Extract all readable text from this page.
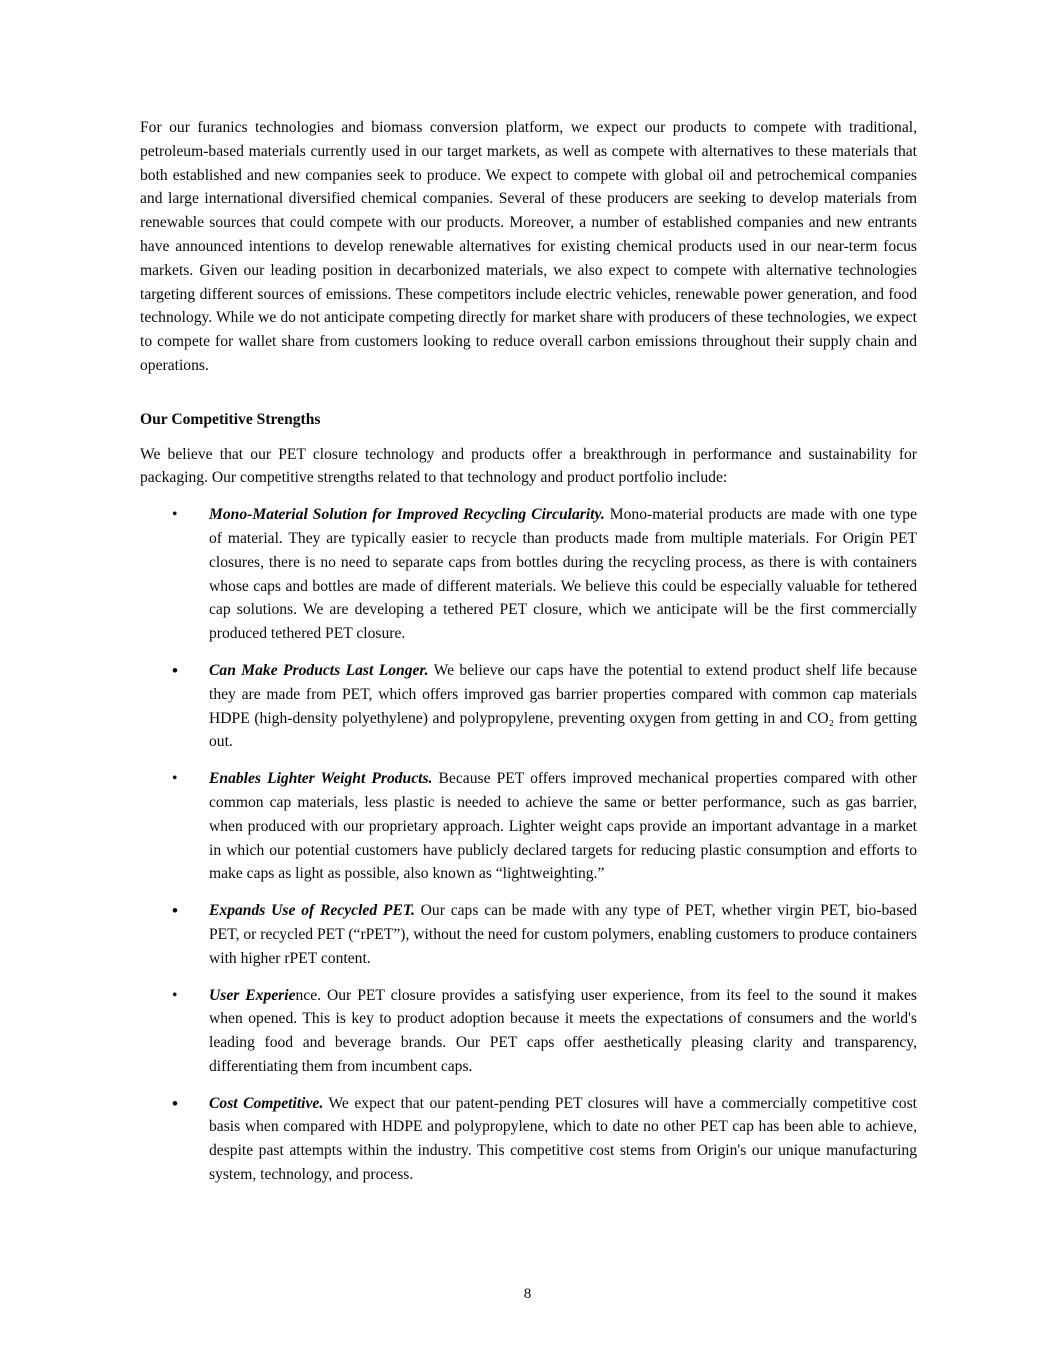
For our furanics technologies and biomass conversion platform, we expect our products to compete with traditional, petroleum-based materials currently used in our target markets, as well as compete with alternatives to these materials that both established and new companies seek to produce. We expect to compete with global oil and petrochemical companies and large international diversified chemical companies. Several of these producers are seeking to develop materials from renewable sources that could compete with our products. Moreover, a number of established companies and new entrants have announced intentions to develop renewable alternatives for existing chemical products used in our near-term focus markets. Given our leading position in decarbonized materials, we also expect to compete with alternative technologies targeting different sources of emissions. These competitors include electric vehicles, renewable power generation, and food technology. While we do not anticipate competing directly for market share with producers of these technologies, we expect to compete for wallet share from customers looking to reduce overall carbon emissions throughout their supply chain and operations.

Our Competitive Strengths

We believe that our PET closure technology and products offer a breakthrough in performance and sustainability for packaging. Our competitive strengths related to that technology and product portfolio include:

•	Mono-Material Solution for Improved Recycling Circularity. Mono-material products are made with one type of material. They are typically easier to recycle than products made from multiple materials. For Origin PET closures, there is no need to separate caps from bottles during the recycling process, as there is with containers whose caps and bottles are made of different materials. We believe this could be especially valuable for tethered cap solutions. We are developing a tethered PET closure, which we anticipate will be the first commercially produced tethered PET closure.
•	Can Make Products Last Longer. We believe our caps have the potential to extend product shelf life because they are made from PET, which offers improved gas barrier properties compared with common cap materials HDPE (high-density polyethylene) and polypropylene, preventing oxygen from getting in and CO₂ from getting out.
•	Enables Lighter Weight Products. Because PET offers improved mechanical properties compared with other common cap materials, less plastic is needed to achieve the same or better performance, such as gas barrier, when produced with our proprietary approach. Lighter weight caps provide an important advantage in a market in which our potential customers have publicly declared targets for reducing plastic consumption and efforts to make caps as light as possible, also known as “lightweighting.”
•	Expands Use of Recycled PET. Our caps can be made with any type of PET, whether virgin PET, bio-based PET, or recycled PET (“rPET”), without the need for custom polymers, enabling customers to produce containers with higher rPET content.
•	User Experience. Our PET closure provides a satisfying user experience, from its feel to the sound it makes when opened. This is key to product adoption because it meets the expectations of consumers and the world's leading food and beverage brands. Our PET caps offer aesthetically pleasing clarity and transparency, differentiating them from incumbent caps.
•	Cost Competitive. We expect that our patent-pending PET closures will have a commercially competitive cost basis when compared with HDPE and polypropylene, which to date no other PET cap has been able to achieve, despite past attempts within the industry. This competitive cost stems from Origin's our unique manufacturing system, technology, and process.
8
